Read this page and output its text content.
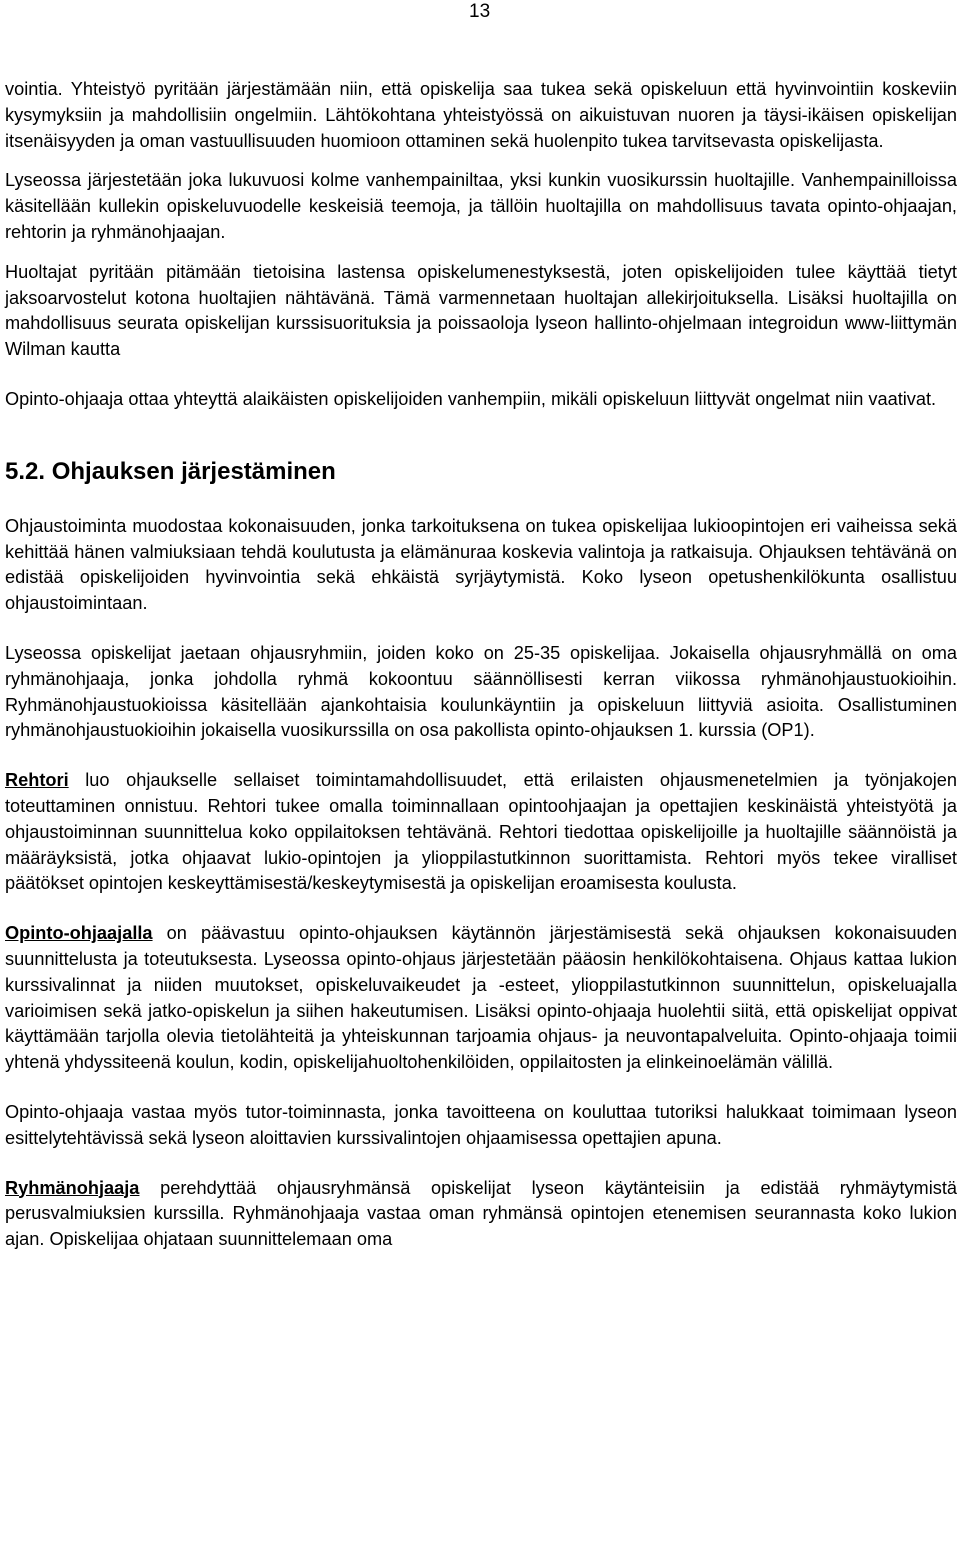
13

vointia. Yhteistyö pyritään järjestämään niin, että opiskelija saa tukea sekä opiskeluun että hyvinvointiin koskeviin kysymyksiin ja mahdollisiin ongelmiin. Lähtökohtana yhteistyössä on aikuistuvan nuoren ja täysi-ikäisen opiskelijan itsenäisyyden ja oman vastuullisuuden huomioon ottaminen sekä huolenpito tukea tarvitsevasta opiskelijasta.

Lyseossa järjestetään joka lukuvuosi kolme vanhempainiltaa, yksi kunkin vuosikurssin huoltajille. Vanhempainilloissa käsitellään kullekin opiskeluvuodelle keskeisiä teemoja, ja tällöin huoltajilla on mahdollisuus tavata opinto-ohjaajan, rehtorin ja ryhmänohjaajan.

Huoltajat pyritään pitämään tietoisina lastensa opiskelumenestyksestä, joten opiskelijoiden tulee käyttää tietyt jaksoarvostelut kotona huoltajien nähtävänä. Tämä varmennetaan huoltajan allekirjoituksella. Lisäksi huoltajilla on mahdollisuus seurata opiskelijan kurssisuorituksia ja poissaoloja lyseon hallinto-ohjelmaan integroidun www-liittymän Wilman kautta

Opinto-ohjaaja ottaa yhteyttä alaikäisten opiskelijoiden vanhempiin, mikäli opiskeluun liittyvät ongelmat niin vaativat.

5.2. Ohjauksen järjestäminen

Ohjaustoiminta muodostaa kokonaisuuden, jonka tarkoituksena on tukea opiskelijaa lukioopintojen eri vaiheissa sekä kehittää hänen valmiuksiaan tehdä koulutusta ja elämänuraa koskevia valintoja ja ratkaisuja. Ohjauksen tehtävänä on edistää opiskelijoiden hyvinvointia sekä ehkäistä syrjäytymistä. Koko lyseon opetushenkilökunta osallistuu ohjaustoimintaan.

Lyseossa opiskelijat jaetaan ohjausryhmiin, joiden koko on 25-35 opiskelijaa. Jokaisella ohjausryhmällä on oma ryhmänohjaaja, jonka johdolla ryhmä kokoontuu säännöllisesti kerran viikossa ryhmänohjaustuokioihin. Ryhmänohjaustuokioissa käsitellään ajankohtaisia koulunkäyntiin ja opiskeluun liittyviä asioita. Osallistuminen ryhmänohjaustuokioihin jokaisella vuosikurssilla on osa pakollista opinto-ohjauksen 1. kurssia (OP1).

Rehtori luo ohjaukselle sellaiset toimintamahdollisuudet, että erilaisten ohjausmenetelmien ja työnjakojen toteuttaminen onnistuu. Rehtori tukee omalla toiminnallaan opintoohjaajan ja opettajien keskinäistä yhteistyötä ja ohjaustoiminnan suunnittelua koko oppilaitoksen tehtävänä. Rehtori tiedottaa opiskelijoille ja huoltajille säännöistä ja määräyksistä, jotka ohjaavat lukio-opintojen ja ylioppilastutkinnon suorittamista. Rehtori myös tekee viralliset päätökset opintojen keskeyttämisestä/keskeytymisestä ja opiskelijan eroamisesta koulusta.

Opinto-ohjaajalla on päävastuu opinto-ohjauksen käytännön järjestämisestä sekä ohjauksen kokonaisuuden suunnittelusta ja toteutuksesta. Lyseossa opinto-ohjaus järjestetään pääosin henkilökohtaisena. Ohjaus kattaa lukion kurssivalinnat ja niiden muutokset, opiskeluvaikeudet ja -esteet, ylioppilastutkinnon suunnittelun, opiskeluajalla varioimisen sekä jatko-opiskelun ja siihen hakeutumisen. Lisäksi opinto-ohjaaja huolehtii siitä, että opiskelijat oppivat käyttämään tarjolla olevia tietolähteitä ja yhteiskunnan tarjoamia ohjaus- ja neuvontapalveluita. Opinto-ohjaaja toimii yhtenä yhdyssiteenä koulun, kodin, opiskelijahuoltohenkilöiden, oppilaitosten ja elinkeinoelämän välillä.

Opinto-ohjaaja vastaa myös tutor-toiminnasta, jonka tavoitteena on kouluttaa tutoriksi halukkaat toimimaan lyseon esittelytehtävissä sekä lyseon aloittavien kurssivalintojen ohjaamisessa opettajien apuna.

Ryhmänohjaaja perehdyttää ohjausryhmänsä opiskelijat lyseon käytänteisiin ja edistää ryhmäytymistä perusvalmiuksien kurssilla. Ryhmänohjaaja vastaa oman ryhmänsä opintojen etenemisen seurannasta koko lukion ajan. Opiskelijaa ohjataan suunnittelemaan oma
